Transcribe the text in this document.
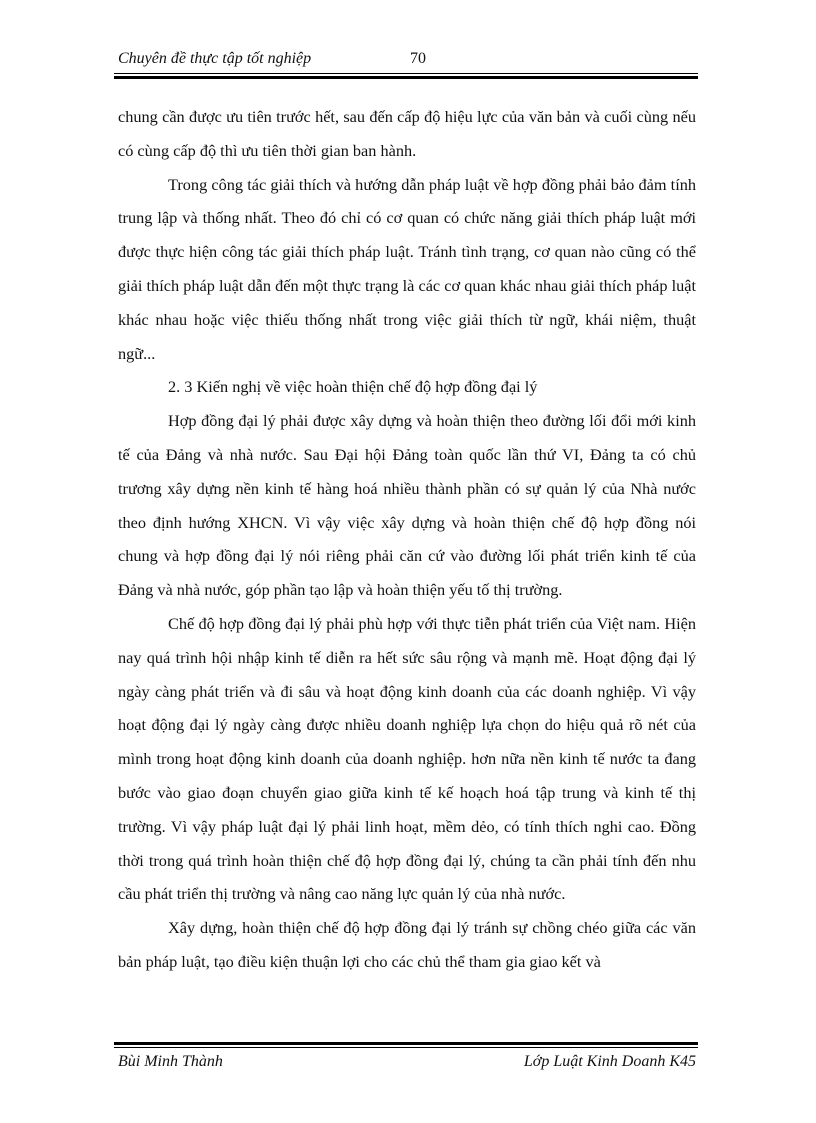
Chuyên đề thực tập tốt nghiệp	70

chung cần được ưu tiên trước hết, sau đến cấp độ hiệu lực của văn bản và cuối cùng nếu có cùng cấp độ thì ưu tiên thời gian ban hành.

Trong công tác giải thích và hướng dẫn pháp luật về hợp đồng phải bảo đảm tính trung lập và thống nhất. Theo đó chỉ có cơ quan có chức năng giải thích pháp luật mới được thực hiện công tác giải thích pháp luật. Tránh tình trạng, cơ quan nào cũng có thể giải thích pháp luật dẫn đến một thực trạng là các cơ quan khác nhau giải thích pháp luật khác nhau hoặc việc thiếu thống nhất trong việc giải thích từ ngữ, khái niệm, thuật ngữ...

2. 3 Kiến nghị về việc hoàn thiện chế độ hợp đồng đại lý

Hợp đồng đại lý phải được xây dựng và hoàn thiện theo đường lối đổi mới kinh tế của Đảng và nhà nước. Sau Đại hội Đảng toàn quốc lần thứ VI, Đảng ta có chủ trương xây dựng nền kinh tế hàng hoá nhiều thành phần có sự quản lý của Nhà nước theo định hướng XHCN. Vì vậy việc xây dựng và hoàn thiện chế độ hợp đồng nói chung và hợp đồng đại lý nói riêng phải căn cứ vào đường lối phát triển kinh tế của Đảng và nhà nước, góp phần tạo lập và hoàn thiện yếu tố thị trường.

Chế độ hợp đồng đại lý phải phù hợp với thực tiễn phát triển của Việt nam. Hiện nay quá trình hội nhập kinh tế diễn ra hết sức sâu rộng và mạnh mẽ. Hoạt động đại lý ngày càng phát triển và đi sâu và hoạt động kinh doanh của các doanh nghiệp. Vì vậy hoạt động đại lý ngày càng được nhiều doanh nghiệp lựa chọn do hiệu quả rõ nét của mình trong hoạt động kinh doanh của doanh nghiệp. hơn nữa nền kinh tế nước ta đang bước vào giao đoạn chuyển giao giữa kinh tế kế hoạch hoá tập trung và kinh tế thị trường. Vì vậy pháp luật đại lý phải linh hoạt, mềm dẻo, có tính thích nghi cao. Đồng thời trong quá trình hoàn thiện chế độ hợp đồng đại lý, chúng ta cần phải tính đến nhu cầu phát triển thị trường và nâng cao năng lực quản lý của nhà nước.

Xây dựng, hoàn thiện chế độ hợp đồng đại lý tránh sự chồng chéo giữa các văn bản pháp luật, tạo điều kiện thuận lợi cho các chủ thể tham gia giao kết và

Bùi Minh Thành	Lớp Luật Kinh Doanh K45
